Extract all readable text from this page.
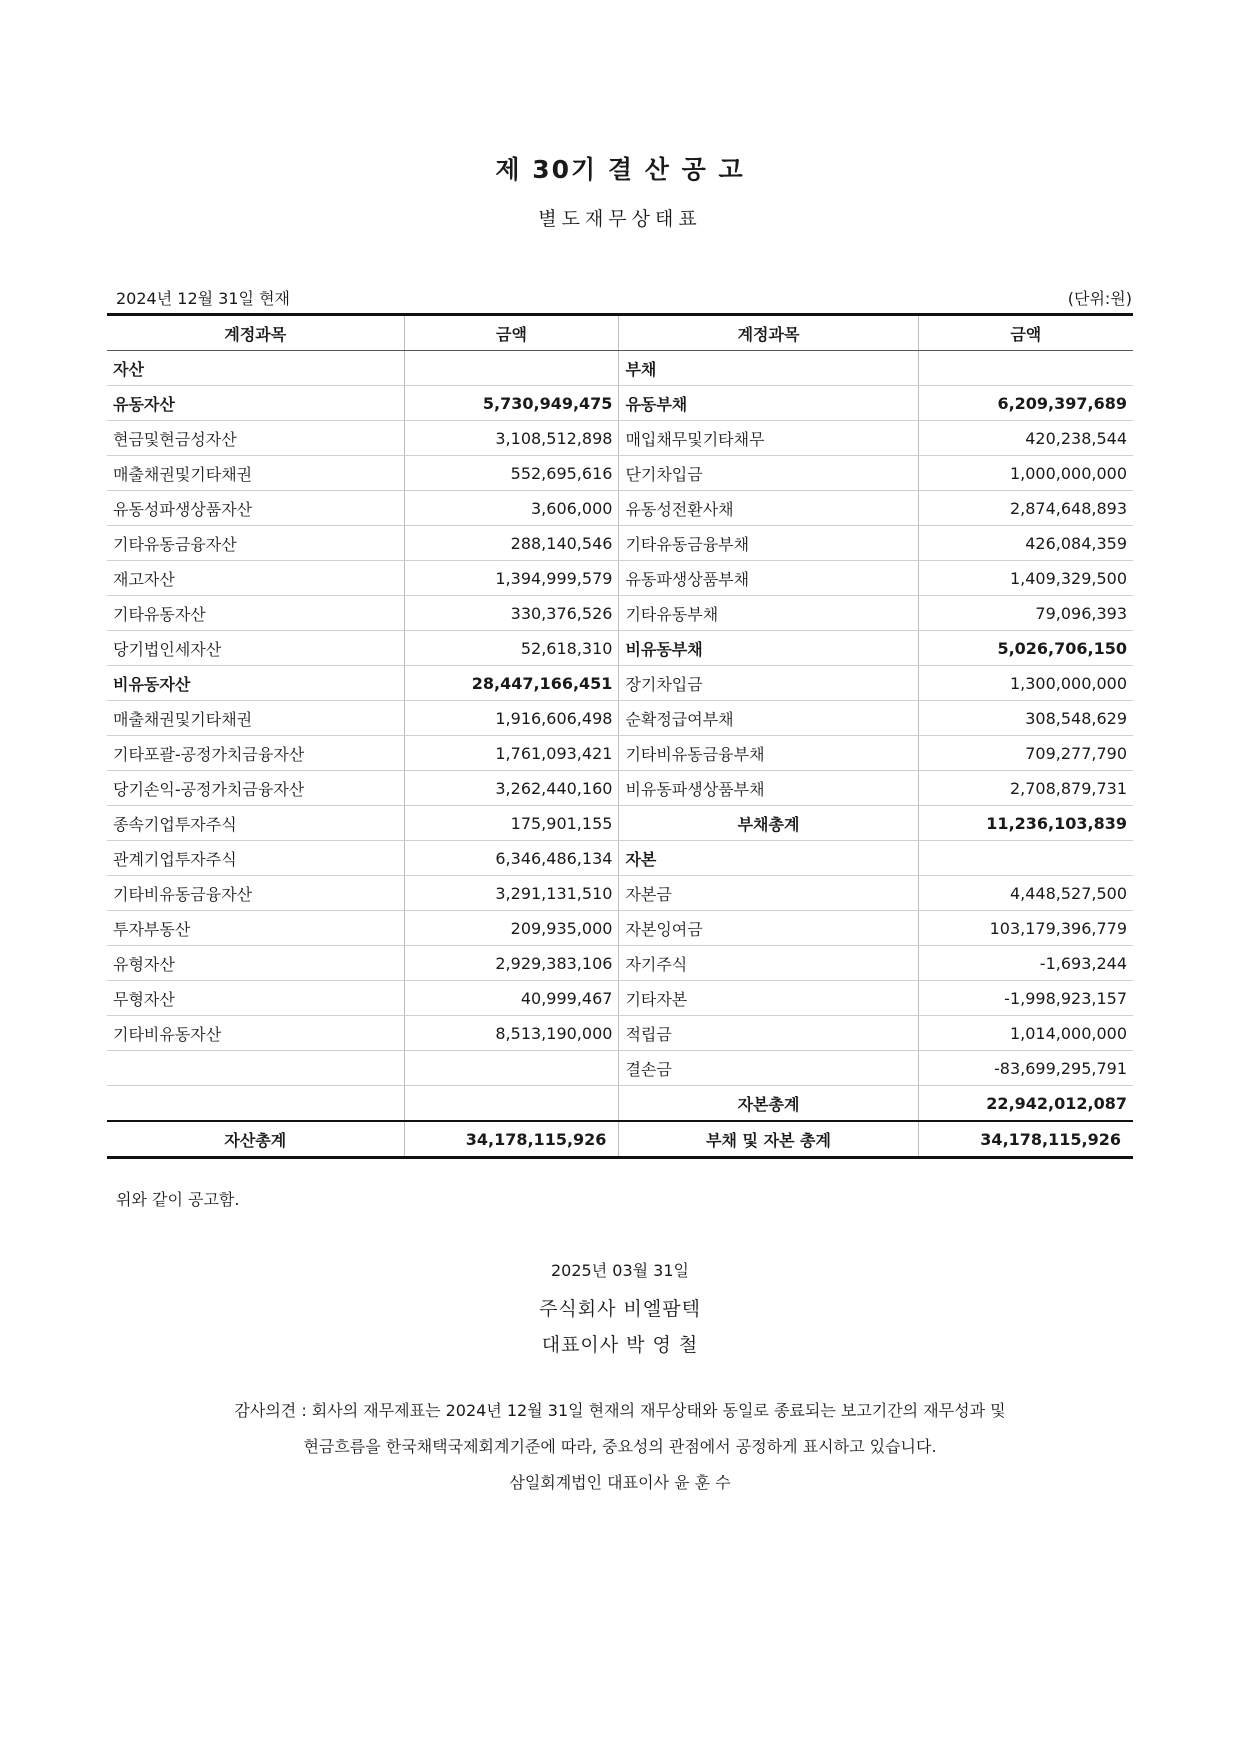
제 30기 결 산 공 고
별도재무상태표
2024년 12월 31일 현재	(단위:원)
계정과목	금액	계정과목	금액
자산		부채	
유동자산	5,730,949,475	유동부채	6,209,397,689
현금및현금성자산	3,108,512,898	매입채무및기타채무	420,238,544
매출채권및기타채권	552,695,616	단기차입금	1,000,000,000
유동성파생상품자산	3,606,000	유동성전환사채	2,874,648,893
기타유동금융자산	288,140,546	기타유동금융부채	426,084,359
재고자산	1,394,999,579	유동파생상품부채	1,409,329,500
기타유동자산	330,376,526	기타유동부채	79,096,393
당기법인세자산	52,618,310	비유동부채	5,026,706,150
비유동자산	28,447,166,451	장기차입금	1,300,000,000
매출채권및기타채권	1,916,606,498	순확정급여부채	308,548,629
기타포괄-공정가치금융자산	1,761,093,421	기타비유동금융부채	709,277,790
당기손익-공정가치금융자산	3,262,440,160	비유동파생상품부채	2,708,879,731
종속기업투자주식	175,901,155	부채총계	11,236,103,839
관계기업투자주식	6,346,486,134	자본	
기타비유동금융자산	3,291,131,510	자본금	4,448,527,500
투자부동산	209,935,000	자본잉여금	103,179,396,779
유형자산	2,929,383,106	자기주식	-1,693,244
무형자산	40,999,467	기타자본	-1,998,923,157
기타비유동자산	8,513,190,000	적립금	1,014,000,000
		결손금	-83,699,295,791
		자본총계	22,942,012,087
자산총계	34,178,115,926	부채 및 자본 총계	34,178,115,926
위와 같이 공고함.
2025년 03월 31일
주식회사 비엘팜텍
대표이사 박 영 철
감사의견 : 회사의 재무제표는 2024년 12월 31일 현재의 재무상태와 동일로 종료되는 보고기간의 재무성과 및
현금흐름을 한국채택국제회계기준에 따라, 중요성의 관점에서 공정하게 표시하고 있습니다.
삼일회계법인 대표이사 윤 훈 수
